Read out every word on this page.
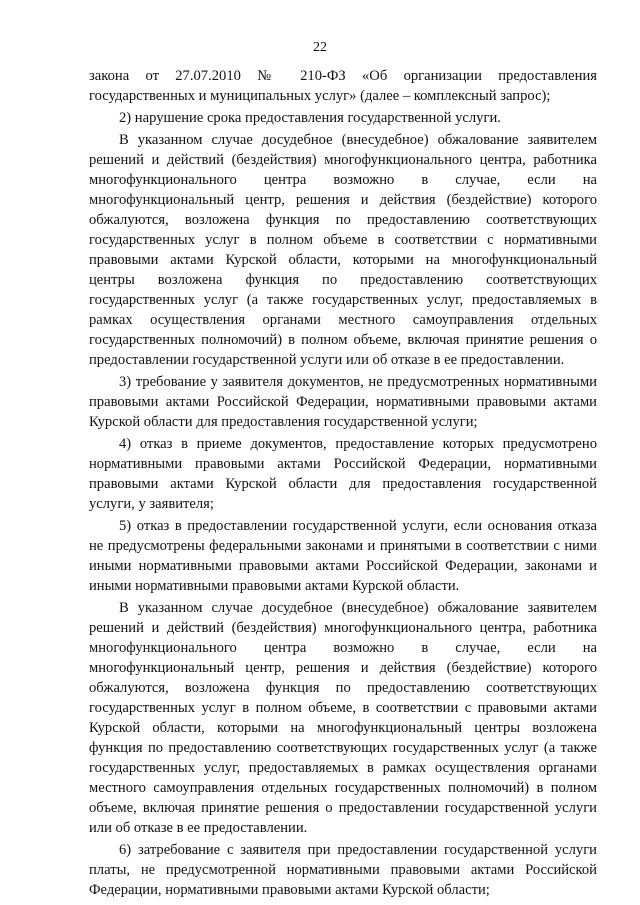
22

закона от 27.07.2010 № 210-ФЗ «Об организации предоставления государственных и муниципальных услуг» (далее – комплексный запрос);

2) нарушение срока предоставления государственной услуги.

В указанном случае досудебное (внесудебное) обжалование заявителем решений и действий (бездействия) многофункционального центра, работника многофункционального центра возможно в случае, если на многофункциональный центр, решения и действия (бездействие) которого обжалуются, возложена функция по предоставлению соответствующих государственных услуг в полном объеме в соответствии с нормативными правовыми актами Курской области, которыми на многофункциональный центры возложена функция по предоставлению соответствующих государственных услуг (а также государственных услуг, предоставляемых в рамках осуществления органами местного самоуправления отдельных государственных полномочий) в полном объеме, включая принятие решения о предоставлении государственной услуги или об отказе в ее предоставлении.

3) требование у заявителя документов, не предусмотренных нормативными правовыми актами Российской Федерации, нормативными правовыми актами Курской области для предоставления государственной услуги;

4) отказ в приеме документов, предоставление которых предусмотрено нормативными правовыми актами Российской Федерации, нормативными правовыми актами Курской области для предоставления государственной услуги, у заявителя;

5) отказ в предоставлении государственной услуги, если основания отказа не предусмотрены федеральными законами и принятыми в соответствии с ними иными нормативными правовыми актами Российской Федерации, законами и иными нормативными правовыми актами Курской области.

В указанном случае досудебное (внесудебное) обжалование заявителем решений и действий (бездействия) многофункционального центра, работника многофункционального центра возможно в случае, если на многофункциональный центр, решения и действия (бездействие) которого обжалуются, возложена функция по предоставлению соответствующих государственных услуг в полном объеме, в соответствии с правовыми актами Курской области, которыми на многофункциональный центры возложена функция по предоставлению соответствующих государственных услуг (а также государственных услуг, предоставляемых в рамках осуществления органами местного самоуправления отдельных государственных полномочий) в полном объеме, включая принятие решения о предоставлении государственной услуги или об отказе в ее предоставлении.

6) затребование с заявителя при предоставлении государственной услуги платы, не предусмотренной нормативными правовыми актами Российской Федерации, нормативными правовыми актами Курской области;
